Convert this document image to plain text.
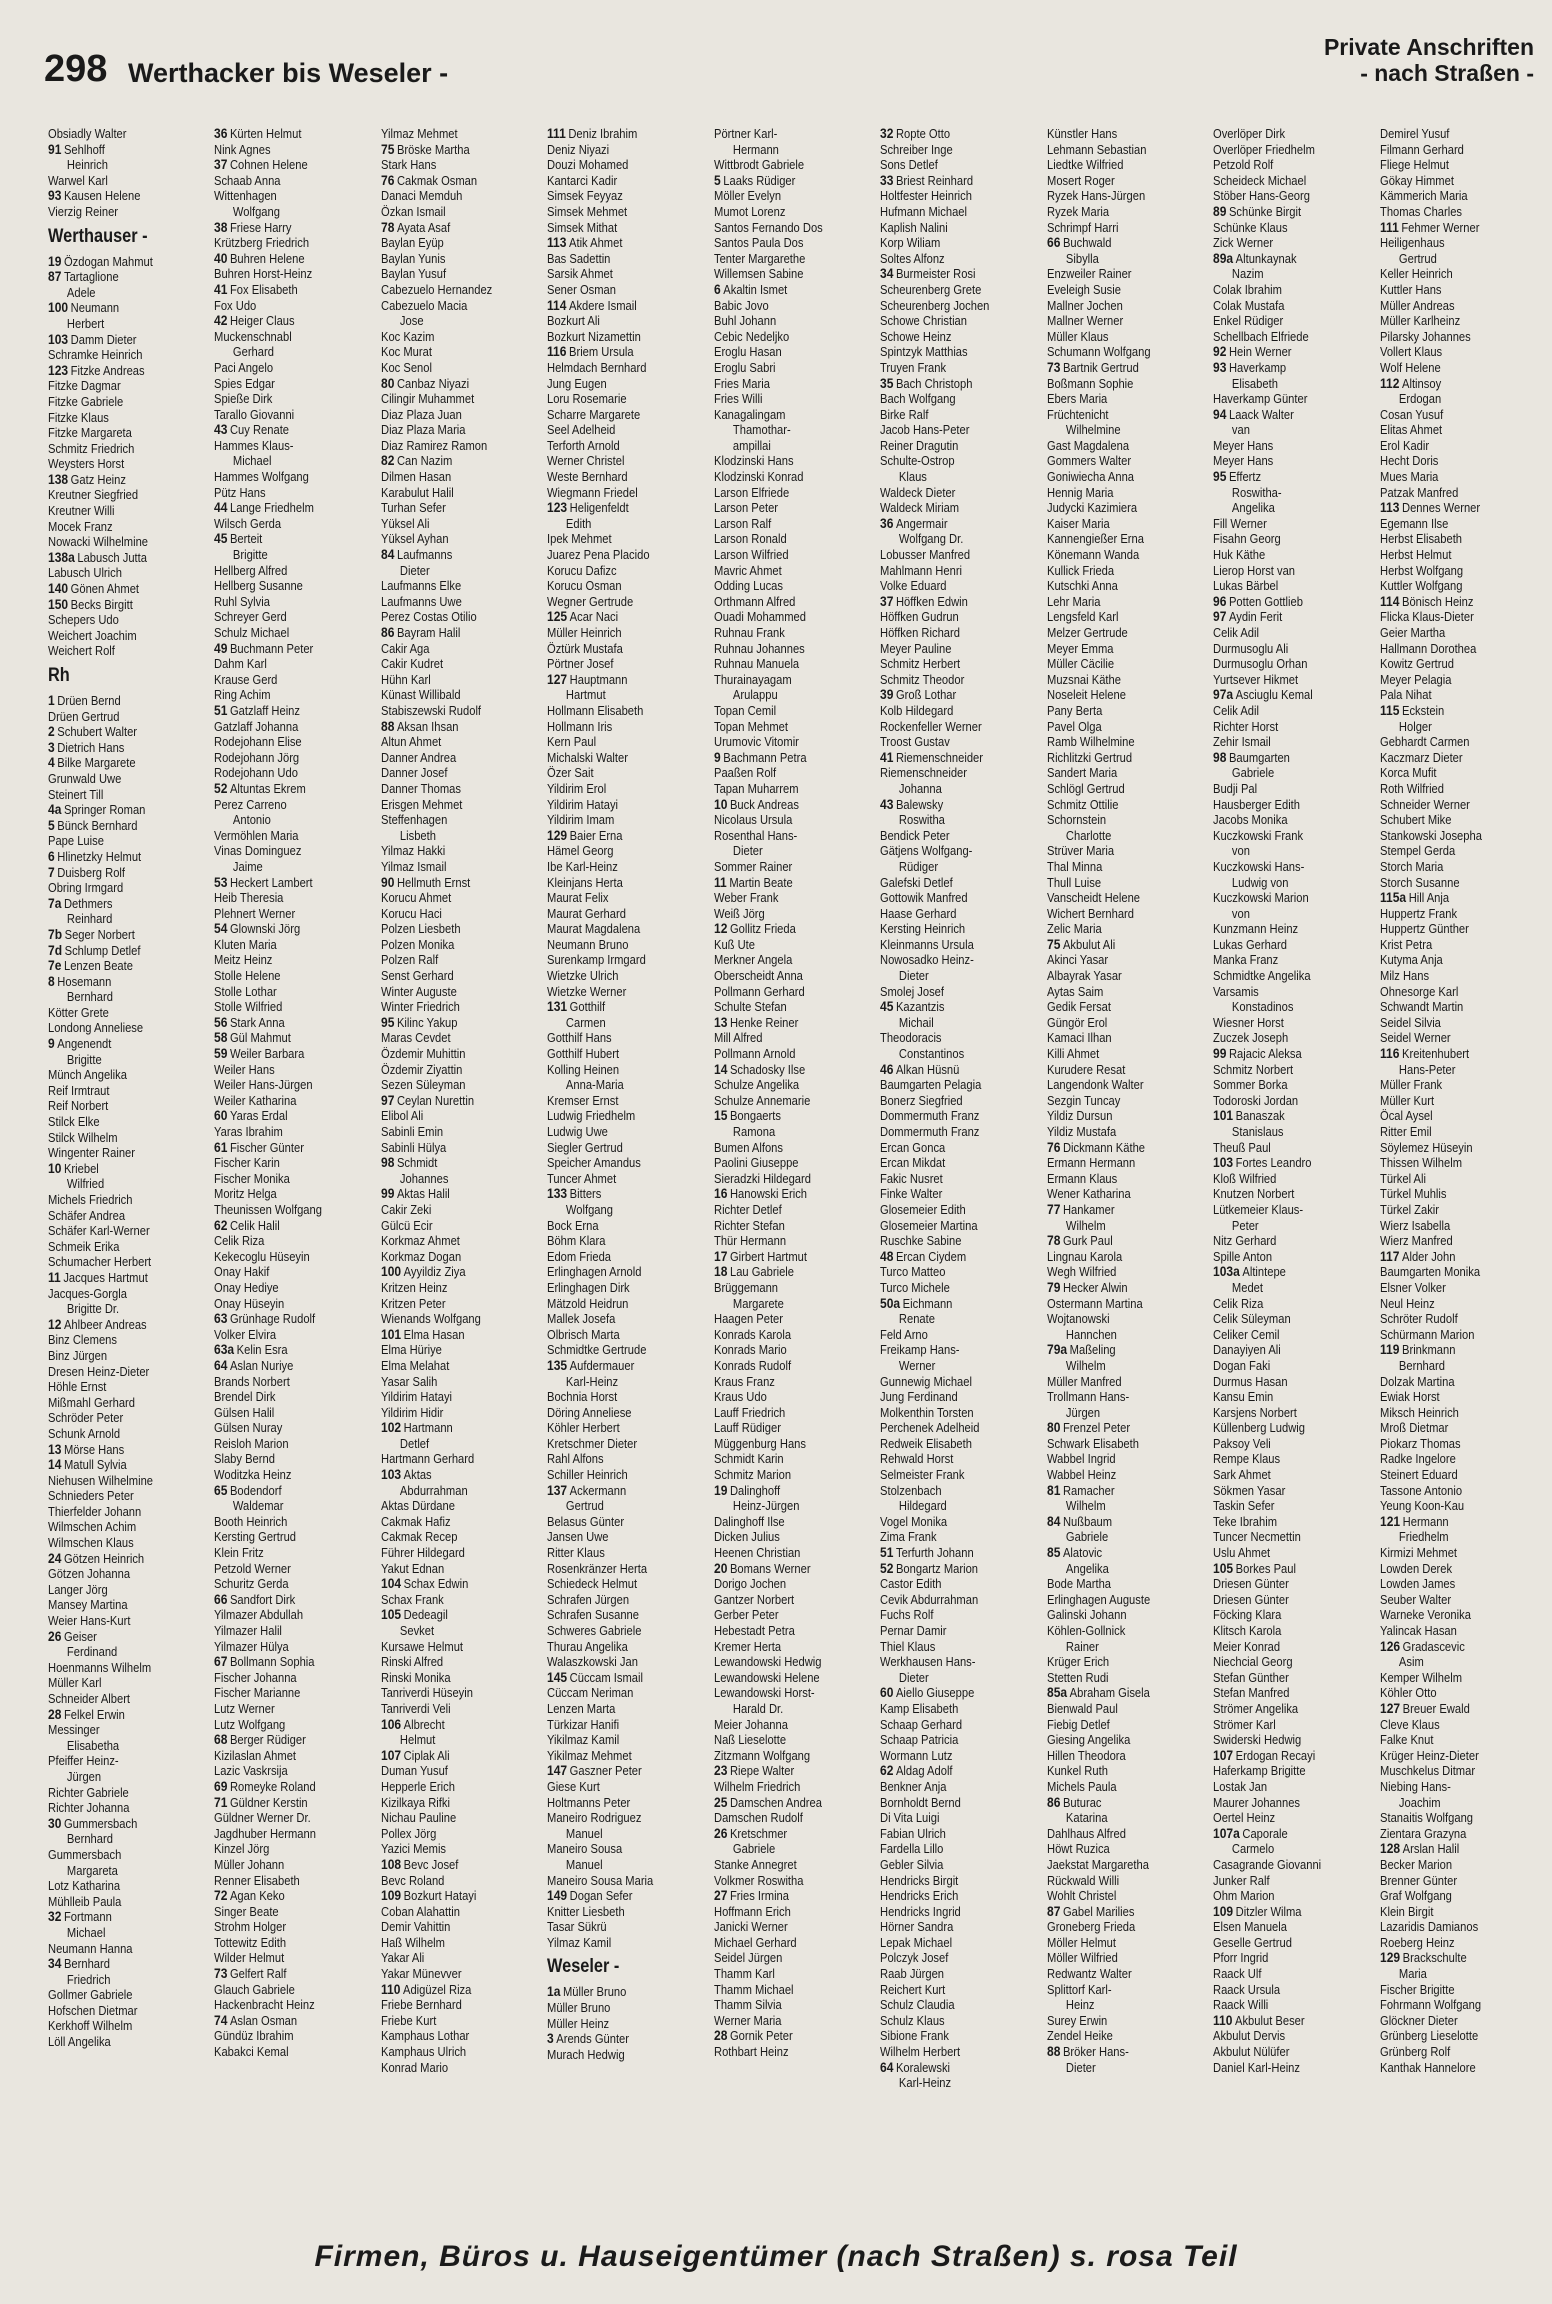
298 Werthacker bis Weseler -
Private Anschriften
- nach Straßen -
Obsiadly Walter
91 Sehlhoff
Heinrich
Warwel Karl
93 Kausen Helene
Vierzig Reiner
Werthauser -
19 Özdogan Mahmut
87 Tartaglione
Adele
100 Neumann
Herbert
103 Damm Dieter
Schramke Heinrich
123 Fitzke Andreas
Fitzke Dagmar
Fitzke Gabriele
Fitzke Klaus
Fitzke Margareta
Schmitz Friedrich
Weysters Horst
138 Gatz Heinz
Kreutner Siegfried
Kreutner Willi
Mocek Franz
Nowacki Wilhelmine
138a Labusch Jutta
Labusch Ulrich
140 Gönen Ahmet
150 Becks Birgitt
Schepers Udo
Weichert Joachim
Weichert Rolf
Rh
1 Drüen Bernd
Drüen Gertrud
2 Schubert Walter
3 Dietrich Hans
4 Bilke Margarete
Grunwald Uwe
Steinert Till
4a Springer Roman
5 Bünck Bernhard
Pape Luise
6 Hlinetzky Helmut
7 Duisberg Rolf
Obring Irmgard
7a Dethmers
Reinhard
7b Seger Norbert
7d Schlump Detlef
7e Lenzen Beate
8 Hosemann
Bernhard
Kötter Grete
Londong Anneliese
9 Angenendt
Brigitte
Münch Angelika
Reif Irmtraut
Reif Norbert
Stilck Elke
Stilck Wilhelm
Wingenter Rainer
10 Kriebel
Wilfried
Michels Friedrich
Schäfer Andrea
Schäfer Karl-Werner
Schmeik Erika
Schumacher Herbert
11 Jacques Hartmut
Jacques-Gorgla
Brigitte Dr.
12 Ahlbeer Andreas
Binz Clemens
Binz Jürgen
Dresen Heinz-Dieter
Höhle Ernst
Mißmahl Gerhard
Schröder Peter
Schunk Arnold
13 Mörse Hans
14 Matull Sylvia
Niehusen Wilhelmine
Schnieders Peter
Thierfelder Johann
Wilmschen Achim
Wilmschen Klaus
24 Götzen Heinrich
Götzen Johanna
Langer Jörg
Mansey Martina
Weier Hans-Kurt
26 Geiser
Ferdinand
Hoenmanns Wilhelm
Müller Karl
Schneider Albert
28 Felkel Erwin
Messinger
Elisabetha
Pfeiffer Heinz-
Jürgen
Richter Gabriele
Richter Johanna
30 Gummersbach
Bernhard
Gummersbach
Margareta
Lotz Katharina
Mühlleib Paula
32 Fortmann
Michael
Neumann Hanna
34 Bernhard
Friedrich
Gollmer Gabriele
Hofschen Dietmar
Kerkhoff Wilhelm
Löll Angelika
36 Kürten Helmut
Nink Agnes
37 Cohnen Helene
Schaab Anna
Wittenhagen
Wolfgang
38 Friese Harry
Krützberg Friedrich
40 Buhren Helene
Buhren Horst-Heinz
41 Fox Elisabeth
Fox Udo
42 Heiger Claus
Muckenschnabl
Gerhard
Paci Angelo
Spies Edgar
Spieße Dirk
Tarallo Giovanni
43 Cuy Renate
Hammes Klaus-
Michael
Hammes Wolfgang
Pütz Hans
44 Lange Friedhelm
Wilsch Gerda
45 Berteit
Brigitte
Hellberg Alfred
Hellberg Susanne
Ruhl Sylvia
Schreyer Gerd
Schulz Michael
49 Buchmann Peter
Dahm Karl
Krause Gerd
Ring Achim
51 Gatzlaff Heinz
Gatzlaff Johanna
Rodejohann Elise
Rodejohann Jörg
Rodejohann Udo
52 Altuntas Ekrem
Perez Carreno
Antonio
Vermöhlen Maria
Vinas Dominguez
Jaime
53 Heckert Lambert
Heib Theresia
Plehnert Werner
54 Glownski Jörg
Kluten Maria
Meitz Heinz
Stolle Helene
Stolle Lothar
Stolle Wilfried
56 Stark Anna
58 Gül Mahmut
59 Weiler Barbara
Weiler Hans
Weiler Hans-Jürgen
Weiler Katharina
60 Yaras Erdal
Yaras Ibrahim
61 Fischer Günter
Fischer Karin
Fischer Monika
Moritz Helga
Theunissen Wolfgang
62 Celik Halil
Celik Riza
Kekecoglu Hüseyin
Onay Hakif
Onay Hediye
Onay Hüseyin
63 Grünhage Rudolf
Volker Elvira
63a Kelin Esra
64 Aslan Nuriye
Brands Norbert
Brendel Dirk
Gülsen Halil
Gülsen Nuray
Reisloh Marion
Slaby Bernd
Woditzka Heinz
65 Bodendorf
Waldemar
Booth Heinrich
Kersting Gertrud
Klein Fritz
Petzold Werner
Schuritz Gerda
66 Sandfort Dirk
Yilmazer Abdullah
Yilmazer Halil
Yilmazer Hülya
67 Bollmann Sophia
Fischer Johanna
Fischer Marianne
Lutz Werner
Lutz Wolfgang
68 Berger Rüdiger
Kizilaslan Ahmet
Lazic Vaskrsija
69 Romeyke Roland
71 Güldner Kerstin
Güldner Werner Dr.
Jagdhuber Hermann
Kinzel Jörg
Müller Johann
Renner Elisabeth
72 Agan Keko
Singer Beate
Strohm Holger
Tottewitz Edith
Wilder Helmut
73 Gelfert Ralf
Glauch Gabriele
Hackenbracht Heinz
74 Aslan Osman
Gündüz Ibrahim
Kabakci Kemal
Yilmaz Mehmet
75 Bröske Martha
Stark Hans
76 Cakmak Osman
Danaci Memduh
Özkan Ismail
78 Ayata Asaf
Baylan Eyüp
Baylan Yunis
Baylan Yusuf
Cabezuelo Hernandez
Cabezuelo Macia
Jose
Koc Kazim
Koc Murat
Koc Senol
80 Canbaz Niyazi
Cilingir Muhammet
Diaz Plaza Juan
Diaz Plaza Maria
Diaz Ramirez Ramon
82 Can Nazim
Dilmen Hasan
Karabulut Halil
Turhan Sefer
Yüksel Ali
Yüksel Ayhan
84 Laufmanns
Dieter
Laufmanns Elke
Laufmanns Uwe
Perez Costas Otilio
86 Bayram Halil
Cakir Aga
Cakir Kudret
Hühn Karl
Künast Willibald
Stabiszewski Rudolf
88 Aksan Ihsan
Altun Ahmet
Danner Andrea
Danner Josef
Danner Thomas
Erisgen Mehmet
Steffenhagen
Lisbeth
Yilmaz Hakki
Yilmaz Ismail
90 Hellmuth Ernst
Korucu Ahmet
Korucu Haci
Polzen Liesbeth
Polzen Monika
Polzen Ralf
Senst Gerhard
Winter Auguste
Winter Friedrich
95 Kilinc Yakup
Maras Cevdet
Özdemir Muhittin
Özdemir Ziyattin
Sezen Süleyman
97 Ceylan Nurettin
Elibol Ali
Sabinli Emin
Sabinli Hülya
98 Schmidt
Johannes
99 Aktas Halil
Cakir Zeki
Gülcü Ecir
Korkmaz Ahmet
Korkmaz Dogan
100 Ayyildiz Ziya
Kritzen Heinz
Kritzen Peter
Wienands Wolfgang
101 Elma Hasan
Elma Hüriye
Elma Melahat
Yasar Salih
Yildirim Hatayi
Yildirim Hidir
102 Hartmann
Detlef
Hartmann Gerhard
103 Aktas
Abdurrahman
Aktas Dürdane
Cakmak Hafiz
Cakmak Recep
Führer Hildegard
Yakut Ednan
104 Schax Edwin
Schax Frank
105 Dedeagil
Sevket
Kursawe Helmut
Rinski Alfred
Rinski Monika
Tanriverdi Hüseyin
Tanriverdi Veli
106 Albrecht
Helmut
107 Ciplak Ali
Duman Yusuf
Hepperle Erich
Kizilkaya Rifki
Nichau Pauline
Pollex Jörg
Yazici Memis
108 Bevc Josef
Bevc Roland
109 Bozkurt Hatayi
Coban Alahattin
Demir Vahittin
Haß Wilhelm
Yakar Ali
Yakar Münevver
110 Adigüzel Riza
Friebe Bernhard
Friebe Kurt
Kamphaus Lothar
Kamphaus Ulrich
Konrad Mario
111 Deniz Ibrahim
Deniz Niyazi
Douzi Mohamed
Kantarci Kadir
Simsek Feyyaz
Simsek Mehmet
Simsek Mithat
113 Atik Ahmet
Bas Sadettin
Sarsik Ahmet
Sener Osman
114 Akdere Ismail
Bozkurt Ali
Bozkurt Nizamettin
116 Briem Ursula
Helmdach Bernhard
Jung Eugen
Loru Rosemarie
Scharre Margarete
Seel Adelheid
Terforth Arnold
Werner Christel
Weste Bernhard
Wiegmann Friedel
123 Heligenfeldt
Edith
Ipek Mehmet
Juarez Pena Placido
Korucu Dafizc
Korucu Osman
Wegner Gertrude
125 Acar Naci
Müller Heinrich
Öztürk Mustafa
Pörtner Josef
127 Hauptmann
Hartmut
Hollmann Elisabeth
Hollmann Iris
Kern Paul
Michalski Walter
Özer Sait
Yildirim Erol
Yildirim Hatayi
Yildirim Imam
129 Baier Erna
Hämel Georg
Ibe Karl-Heinz
Kleinjans Herta
Maurat Felix
Maurat Gerhard
Maurat Magdalena
Neumann Bruno
Surenkamp Irmgard
Wietzke Ulrich
Wietzke Werner
131 Gotthilf
Carmen
Gotthilf Hans
Gotthilf Hubert
Kolling Heinen
Anna-Maria
Kremser Ernst
Ludwig Friedhelm
Ludwig Uwe
Siegler Gertrud
Speicher Amandus
Tuncer Ahmet
133 Bitters
Wolfgang
Bock Erna
Böhm Klara
Edom Frieda
Erlinghagen Arnold
Erlinghagen Dirk
Mätzold Heidrun
Mallek Josefa
Olbrisch Marta
Schmidtke Gertrude
135 Aufdermauer
Karl-Heinz
Bochnia Horst
Döring Anneliese
Köhler Herbert
Kretschmer Dieter
Rahl Alfons
Schiller Heinrich
137 Ackermann
Gertrud
Belasus Günter
Jansen Uwe
Ritter Klaus
Rosenkränzer Herta
Schiedeck Helmut
Schrafen Jürgen
Schrafen Susanne
Schweres Gabriele
Thurau Angelika
Walaszkowski Jan
145 Cüccam Ismail
Cüccam Neriman
Lenzen Marta
Türkizar Hanifi
Yikilmaz Kamil
Yikilmaz Mehmet
147 Gaszner Peter
Giese Kurt
Holtmanns Peter
Maneiro Rodriguez
Manuel
Maneiro Sousa
Manuel
Maneiro Sousa Maria
149 Dogan Sefer
Knitter Liesbeth
Tasar Sükrü
Yilmaz Kamil
Weseler -
1a Müller Bruno
Müller Bruno
Müller Heinz
3 Arends Günter
Murach Hedwig
Pörtner Karl-
Hermann
Wittbrodt Gabriele
5 Laaks Rüdiger
Möller Evelyn
Mumot Lorenz
Santos Fernando Dos
Santos Paula Dos
Tenter Margarethe
Willemsen Sabine
6 Akaltin Ismet
Babic Jovo
Buhl Johann
Cebic Nedeljko
Eroglu Hasan
Eroglu Sabri
Fries Maria
Fries Willi
Kanagalingam
Thamothar-
ampillai
Klodzinski Hans
Klodzinski Konrad
Larson Elfriede
Larson Peter
Larson Ralf
Larson Ronald
Larson Wilfried
Mavric Ahmet
Odding Lucas
Orthmann Alfred
Ouadi Mohammed
Ruhnau Frank
Ruhnau Johannes
Ruhnau Manuela
Thurainayagam
Arulappu
Topan Cemil
Topan Mehmet
Urumovic Vitomir
9 Bachmann Petra
Paaßen Rolf
Tapan Muharrem
10 Buck Andreas
Nicolaus Ursula
Rosenthal Hans-
Dieter
Sommer Rainer
11 Martin Beate
Weber Frank
Weiß Jörg
12 Gollitz Frieda
Kuß Ute
Merkner Angela
Oberscheidt Anna
Pollmann Gerhard
Schulte Stefan
13 Henke Reiner
Mill Alfred
Pollmann Arnold
14 Schadosky Ilse
Schulze Angelika
Schulze Annemarie
15 Bongaerts
Ramona
Bumen Alfons
Paolini Giuseppe
Sieradzki Hildegard
16 Hanowski Erich
Richter Detlef
Richter Stefan
Thür Hermann
17 Girbert Hartmut
18 Lau Gabriele
Brüggemann
Margarete
Haagen Peter
Konrads Karola
Konrads Mario
Konrads Rudolf
Kraus Franz
Kraus Udo
Lauff Friedrich
Lauff Rüdiger
Müggenburg Hans
Schmidt Karin
Schmitz Marion
19 Dalinghoff
Heinz-Jürgen
Dalinghoff Ilse
Dicken Julius
Heenen Christian
20 Bomans Werner
Dorigo Jochen
Gantzer Norbert
Gerber Peter
Hebestadt Petra
Kremer Herta
Lewandowski Hedwig
Lewandowski Helene
Lewandowski Horst-
Harald Dr.
Meier Johanna
Naß Lieselotte
Zitzmann Wolfgang
23 Riepe Walter
Wilhelm Friedrich
25 Damschen Andrea
Damschen Rudolf
26 Kretschmer
Gabriele
Stanke Annegret
Volkmer Roswitha
27 Fries Irmina
Hoffmann Erich
Janicki Werner
Michael Gerhard
Seidel Jürgen
Thamm Karl
Thamm Michael
Thamm Silvia
Werner Maria
28 Gornik Peter
Rothbart Heinz
32 Ropte Otto
Schreiber Inge
Sons Detlef
33 Briest Reinhard
Holtfester Heinrich
Hufmann Michael
Kaplish Nalini
Korp Wiliam
Soltes Alfonz
34 Burmeister Rosi
Scheurenberg Grete
Scheurenberg Jochen
Schowe Christian
Schowe Heinz
Spintzyk Matthias
Truyen Frank
35 Bach Christoph
Bach Wolfgang
Birke Ralf
Jacob Hans-Peter
Reiner Dragutin
Schulte-Ostrop
Klaus
Waldeck Dieter
Waldeck Miriam
36 Angermair
Wolfgang Dr.
Lobusser Manfred
Mahlmann Henri
Volke Eduard
37 Höffken Edwin
Höffken Gudrun
Höffken Richard
Meyer Pauline
Schmitz Herbert
Schmitz Theodor
39 Groß Lothar
Kolb Hildegard
Rockenfeller Werner
Troost Gustav
41 Riemenschneider
Riemenschneider
Johanna
43 Balewsky
Roswitha
Bendick Peter
Gätjens Wolfgang-
Rüdiger
Galefski Detlef
Gottowik Manfred
Haase Gerhard
Kersting Heinrich
Kleinmanns Ursula
Nowosadko Heinz-
Dieter
Smolej Josef
45 Kazantzis
Michail
Theodoracis
Constantinos
46 Alkan Hüsnü
Baumgarten Pelagia
Bonerz Siegfried
Dommermuth Franz
Dommermuth Franz
Ercan Gonca
Ercan Mikdat
Fakic Nusret
Finke Walter
Glosemeier Edith
Glosemeier Martina
Ruschke Sabine
48 Ercan Ciydem
Turco Matteo
Turco Michele
50a Eichmann
Renate
Feld Arno
Freikamp Hans-
Werner
Gunnewig Michael
Jung Ferdinand
Molkenthin Torsten
Perchenek Adelheid
Redweik Elisabeth
Rehwald Horst
Selmeister Frank
Stolzenbach
Hildegard
Vogel Monika
Zima Frank
51 Terfurth Johann
52 Bongartz Marion
Castor Edith
Cevik Abdurrahman
Fuchs Rolf
Pernar Damir
Thiel Klaus
Werkhausen Hans-
Dieter
60 Aiello Giuseppe
Kamp Elisabeth
Schaap Gerhard
Schaap Patricia
Wormann Lutz
62 Aldag Adolf
Benkner Anja
Bornholdt Bernd
Di Vita Luigi
Fabian Ulrich
Fardella Lillo
Gebler Silvia
Hendricks Birgit
Hendricks Erich
Hendricks Ingrid
Hörner Sandra
Lepak Michael
Polczyk Josef
Raab Jürgen
Reichert Kurt
Schulz Claudia
Schulz Klaus
Sibione Frank
Wilhelm Herbert
64 Koralewski
Karl-Heinz
Künstler Hans
Lehmann Sebastian
Liedtke Wilfried
Mosert Roger
Ryzek Hans-Jürgen
Ryzek Maria
Schrimpf Harri
66 Buchwald
Sibylla
Enzweiler Rainer
Eveleigh Susie
Mallner Jochen
Mallner Werner
Müller Klaus
Schumann Wolfgang
73 Bartnik Gertrud
Boßmann Sophie
Ebers Maria
Früchtenicht
Wilhelmine
Gast Magdalena
Gommers Walter
Goniwiecha Anna
Hennig Maria
Judycki Kazimiera
Kaiser Maria
Kannengießer Erna
Könemann Wanda
Kullick Frieda
Kutschki Anna
Lehr Maria
Lengsfeld Karl
Melzer Gertrude
Meyer Emma
Müller Cäcilie
Muzsnai Käthe
Noseleit Helene
Pany Berta
Pavel Olga
Ramb Wilhelmine
Richlitzki Gertrud
Sandert Maria
Schlögl Gertrud
Schmitz Ottilie
Schornstein
Charlotte
Strüver Maria
Thal Minna
Thull Luise
Vanscheidt Helene
Wichert Bernhard
Zelic Maria
75 Akbulut Ali
Akinci Yasar
Albayrak Yasar
Aytas Saim
Gedik Fersat
Güngör Erol
Kamaci Ilhan
Killi Ahmet
Kurudere Resat
Langendonk Walter
Sezgin Tuncay
Yildiz Dursun
Yildiz Mustafa
76 Dickmann Käthe
Ermann Hermann
Ermann Klaus
Wener Katharina
77 Hankamer
Wilhelm
78 Gurk Paul
Lingnau Karola
Wegh Wilfried
79 Hecker Alwin
Ostermann Martina
Wojtanowski
Hannchen
79a Maßeling
Wilhelm
Müller Manfred
Trollmann Hans-
Jürgen
80 Frenzel Peter
Schwark Elisabeth
Wabbel Ingrid
Wabbel Heinz
81 Ramacher
Wilhelm
84 Nußbaum
Gabriele
85 Alatovic
Angelika
Bode Martha
Erlinghagen Auguste
Galinski Johann
Köhlen-Gollnick
Rainer
Krüger Erich
Stetten Rudi
85a Abraham Gisela
Bienwald Paul
Fiebig Detlef
Giesing Angelika
Hillen Theodora
Kunkel Ruth
Michels Paula
86 Buturac
Katarina
Dahlhaus Alfred
Höwt Ruzica
Jaekstat Margaretha
Rückwald Willi
Wohlt Christel
87 Gabel Marilies
Groneberg Frieda
Möller Helmut
Möller Wilfried
Redwantz Walter
Splittorf Karl-
Heinz
Surey Erwin
Zendel Heike
88 Bröker Hans-
Dieter
Overlöper Dirk
Overlöper Friedhelm
Petzold Rolf
Scheideck Michael
Stöber Hans-Georg
89 Schünke Birgit
Schünke Klaus
Zick Werner
89a Altunkaynak
Nazim
Colak Ibrahim
Colak Mustafa
Enkel Rüdiger
Schellbach Elfriede
92 Hein Werner
93 Haverkamp
Elisabeth
Haverkamp Günter
94 Laack Walter
van
Meyer Hans
Meyer Hans
95 Effertz
Roswitha-
Angelika
Fill Werner
Fisahn Georg
Huk Käthe
Lierop Horst van
Lukas Bärbel
96 Potten Gottlieb
97 Aydin Ferit
Celik Adil
Durmusoglu Ali
Durmusoglu Orhan
Yurtsever Hikmet
97a Asciuglu Kemal
Celik Adil
Richter Horst
Zehir Ismail
98 Baumgarten
Gabriele
Budji Pal
Hausberger Edith
Jacobs Monika
Kuczkowski Frank
von
Kuczkowski Hans-
Ludwig von
Kuczkowski Marion
von
Kunzmann Heinz
Lukas Gerhard
Manka Franz
Schmidtke Angelika
Varsamis
Konstadinos
Wiesner Horst
Zuczek Joseph
99 Rajacic Aleksa
Schmitz Norbert
Sommer Borka
Todoroski Jordan
101 Banaszak
Stanislaus
Theuß Paul
103 Fortes Leandro
Kloß Wilfried
Knutzen Norbert
Lütkemeier Klaus-
Peter
Nitz Gerhard
Spille Anton
103a Altintepe
Medet
Celik Riza
Celik Süleyman
Celiker Cemil
Danayiyen Ali
Dogan Faki
Durmus Hasan
Kansu Emin
Karsjens Norbert
Küllenberg Ludwig
Paksoy Veli
Rempe Klaus
Sark Ahmet
Sökmen Yasar
Taskin Sefer
Teke Ibrahim
Tuncer Necmettin
Uslu Ahmet
105 Borkes Paul
Driesen Günter
Driesen Günter
Föcking Klara
Klitsch Karola
Meier Konrad
Niechcial Georg
Stefan Günther
Stefan Manfred
Strömer Angelika
Strömer Karl
Swiderski Hedwig
107 Erdogan Recayi
Haferkamp Brigitte
Lostak Jan
Maurer Johannes
Oertel Heinz
107a Caporale
Carmelo
Casagrande Giovanni
Junker Ralf
Ohm Marion
109 Ditzler Wilma
Elsen Manuela
Geselle Gertrud
Pforr Ingrid
Raack Ulf
Raack Ursula
Raack Willi
110 Akbulut Beser
Akbulut Dervis
Akbulut Nülüfer
Daniel Karl-Heinz
Demirel Yusuf
Filmann Gerhard
Fliege Helmut
Gökay Himmet
Kämmerich Maria
Thomas Charles
111 Fehmer Werner
Heiligenhaus
Gertrud
Keller Heinrich
Kuttler Hans
Müller Andreas
Müller Karlheinz
Pilarsky Johannes
Vollert Klaus
Wolf Helene
112 Altinsoy
Erdogan
Cosan Yusuf
Elitas Ahmet
Erol Kadir
Hecht Doris
Mues Maria
Patzak Manfred
113 Dennes Werner
Egemann Ilse
Herbst Elisabeth
Herbst Helmut
Herbst Wolfgang
Kuttler Wolfgang
114 Bönisch Heinz
Flicka Klaus-Dieter
Geier Martha
Hallmann Dorothea
Kowitz Gertrud
Meyer Pelagia
Pala Nihat
115 Eckstein
Holger
Gebhardt Carmen
Kaczmarz Dieter
Korca Mufit
Roth Wilfried
Schneider Werner
Schubert Mike
Stankowski Josepha
Stempel Gerda
Storch Maria
Storch Susanne
115a Hill Anja
Huppertz Frank
Huppertz Günther
Krist Petra
Kutyma Anja
Milz Hans
Ohnesorge Karl
Schwandt Martin
Seidel Silvia
Seidel Werner
116 Kreitenhubert
Hans-Peter
Müller Frank
Müller Kurt
Öcal Aysel
Ritter Emil
Söylemez Hüseyin
Thissen Wilhelm
Türkel Ali
Türkel Muhlis
Türkel Zakir
Wierz Isabella
Wierz Manfred
117 Alder John
Baumgarten Monika
Elsner Volker
Neul Heinz
Schröter Rudolf
Schürmann Marion
119 Brinkmann
Bernhard
Dolzak Martina
Ewiak Horst
Miksch Heinrich
Mroß Dietmar
Piokarz Thomas
Radke Ingelore
Steinert Eduard
Tassone Antonio
Yeung Koon-Kau
121 Hermann
Friedhelm
Kirmizi Mehmet
Lowden Derek
Lowden James
Seuber Walter
Warneke Veronika
Yalincak Hasan
126 Gradascevic
Asim
Kemper Wilhelm
Köhler Otto
127 Breuer Ewald
Cleve Klaus
Falke Knut
Krüger Heinz-Dieter
Muschkelus Ditmar
Niebing Hans-
Joachim
Stanaitis Wolfgang
Zientara Grazyna
128 Arslan Halil
Becker Marion
Brenner Günter
Graf Wolfgang
Klein Birgit
Lazaridis Damianos
Roeberg Heinz
129 Brackschulte
Maria
Fischer Brigitte
Fohrmann Wolfgang
Glöckner Dieter
Grünberg Lieselotte
Grünberg Rolf
Kanthak Hannelore
Firmen, Büros u. Hauseigentümer (nach Straßen) s. rosa Teil
